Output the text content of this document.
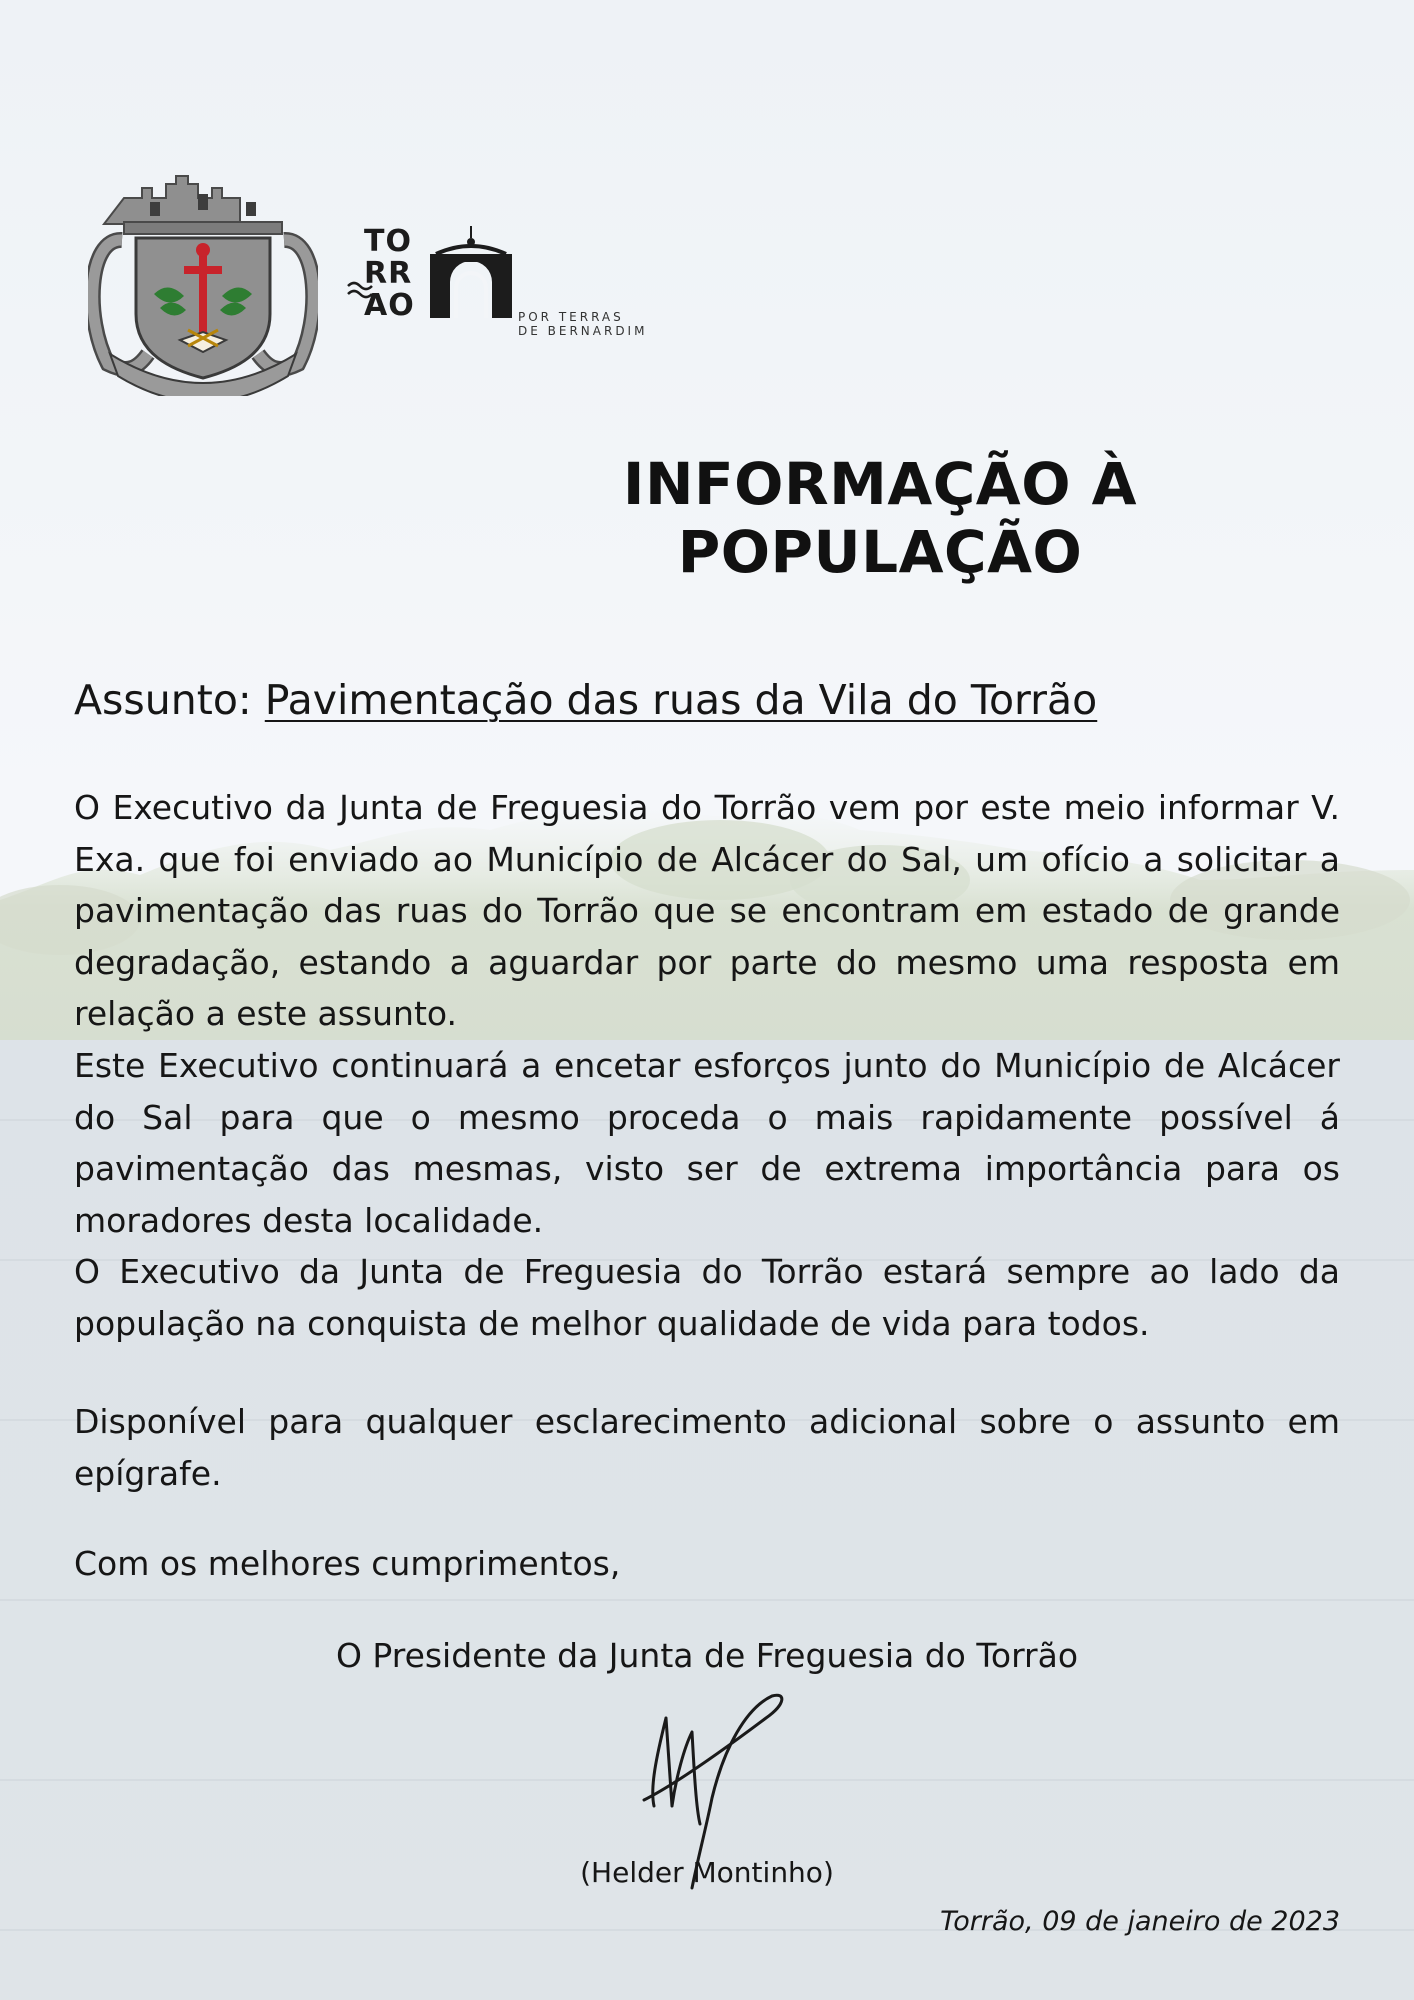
TO
RR
AO	POR TERRAS
DE BERNARDIM
INFORMAÇÃO À POPULAÇÃO
Assunto: Pavimentação das ruas da Vila do Torrão
O Executivo da Junta de Freguesia do Torrão vem por este meio informar V. Exa. que foi enviado ao Município de Alcácer do Sal, um ofício a solicitar a pavimentação das ruas do Torrão que se encontram em estado de grande degradação, estando a aguardar por parte do mesmo uma resposta em relação a este assunto.
Este Executivo continuará a encetar esforços junto do Município de Alcácer do Sal para que o mesmo proceda o mais rapidamente possível á pavimentação das mesmas, visto ser de extrema importância para os moradores desta localidade.
O Executivo da Junta de Freguesia do Torrão estará sempre ao lado da população na conquista de melhor qualidade de vida para todos.
Disponível para qualquer esclarecimento adicional sobre o assunto em epígrafe.
Com os melhores cumprimentos,
O Presidente da Junta de Freguesia do Torrão
(Helder Montinho)
Torrão, 09 de janeiro de 2023
